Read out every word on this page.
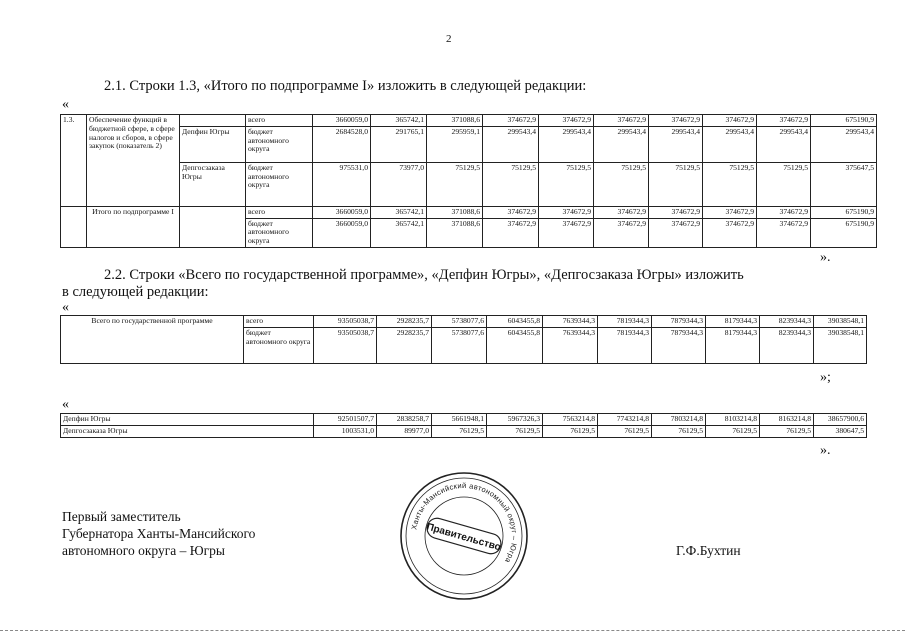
2
2.1. Строки 1.3, «Итого по подпрограмме I» изложить в следующей редакции:
«
1.3.	Обеспечение функций в бюджетной сфере, в сфере налогов и сборов, в сфере закупок (показатель 2)		всего	3660059,0	365742,1	371088,6	374672,9	374672,9	374672,9	374672,9	374672,9	374672,9	675190,9
		Депфин Югры	бюджет автономного округа	2684528,0	291765,1	295959,1	299543,4	299543,4	299543,4	299543,4	299543,4	299543,4	299543,4
		Депгосзаказа Югры	бюджет автономного округа	975531,0	73977,0	75129,5	75129,5	75129,5	75129,5	75129,5	75129,5	75129,5	375647,5
	Итого по подпрограмме I		всего	3660059,0	365742,1	371088,6	374672,9	374672,9	374672,9	374672,9	374672,9	374672,9	675190,9
			бюджет автономного округа	3660059,0	365742,1	371088,6	374672,9	374672,9	374672,9	374672,9	374672,9	374672,9	675190,9
».
2.2. Строки «Всего по государственной программе», «Депфин Югры», «Депгосзаказа Югры» изложить
в следующей редакции:
«
Всего по государственной программе	всего	93505038,7	2928235,7	5738077,6	6043455,8	7639344,3	7819344,3	7879344,3	8179344,3	8239344,3	39038548,1
	бюджет автономного округа	93505038,7	2928235,7	5738077,6	6043455,8	7639344,3	7819344,3	7879344,3	8179344,3	8239344,3	39038548,1
»;
«
Депфин Югры	92501507,7	2838258,7	5661948,1	5967326,3	7563214,8	7743214,8	7803214,8	8103214,8	8163214,8	38657900,6
Депгосзаказа Югры	1003531,0	89977,0	76129,5	76129,5	76129,5	76129,5	76129,5	76129,5	76129,5	380647,5
».
Первый заместитель
Губернатора Ханты-Мансийского
автономного округа – Югры	Г.Ф.Бухтин
Ханты-Мансийский автономный округ – Югра
Правительство
